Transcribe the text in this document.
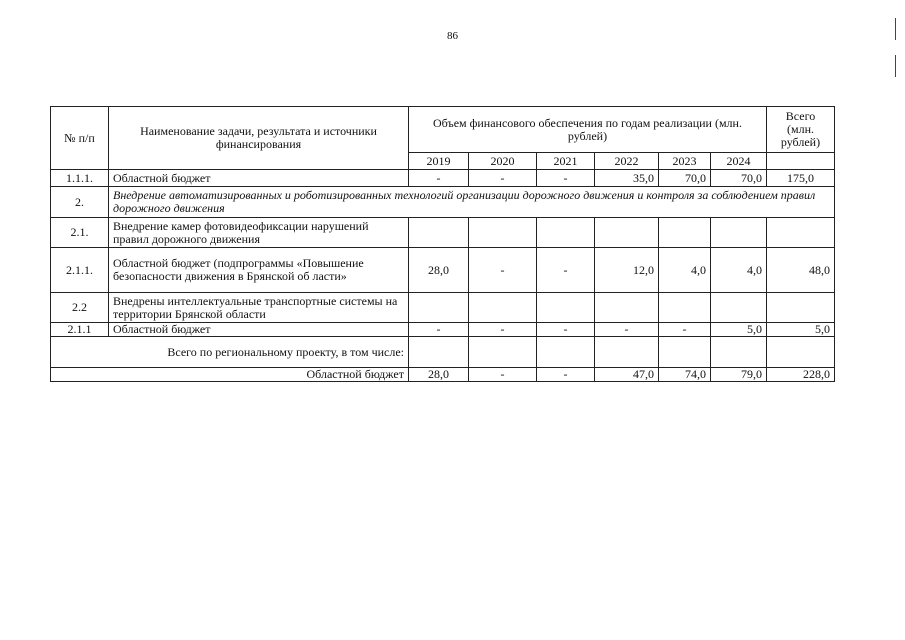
86
№ п/п	Наименование задачи, результата и источники финансирования	Объем финансового обеспечения по годам реализации (млн. рублей)						Всего (млн. рублей)
		2019	2020	2021	2022	2023	2024	
1.1.1.	Областной бюджет	-	-	-	35,0	70,0	70,0	175,0
2.	Внедрение автоматизированных и роботизированных технологий организации дорожного движения и контроля за соблюдением правил дорожного движения							
2.1.	Внедрение камер фотовидеофиксации нарушений правил дорожного движения							
2.1.1.	Областной бюджет (подпрограммы «Повышение безопасности движения в Брянской об ласти»	28,0	-	-	12,0	4,0	4,0	48,0
2.2	Внедрены интеллектуальные транспортные системы на территории Брянской области							
2.1.1	Областной бюджет	-	-	-	-	-	5,0	5,0
Всего по региональному проекту, в том числе:								
Областной бюджет		28,0	-	-	47,0	74,0	79,0	228,0
